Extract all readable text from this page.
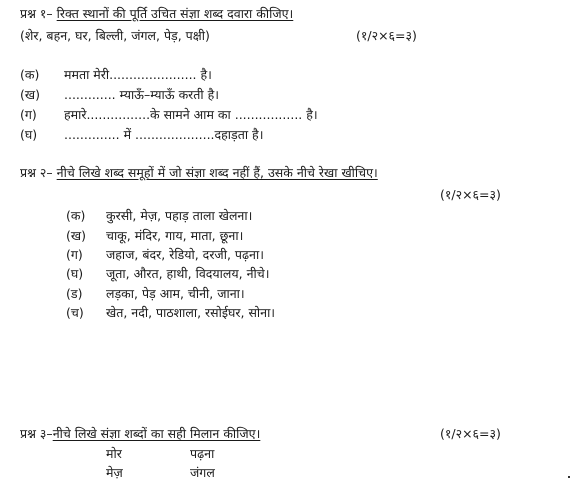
प्रश्न १– रिक्त स्थानों की पूर्ति उचित संज्ञा शब्द दवारा कीजिए।
(शेर, बहन, घर, बिल्ली, जंगल, पेड़, पक्षी)	(१/२×६=३)
(क) ममता मेरी...................... है।
(ख) ............. म्याऊँ–म्याऊँ करती है।
(ग) हमारे................के सामने आम का ................. है।
(घ) .............. में ....................दहाड़ता है।
प्रश्न २– नीचे लिखे शब्द समूहों में जो संज्ञा शब्द नहीं हैं, उसके नीचे रेखा खीचिए।
(१/२×६=३)
(क) कुरसी, मेज़, पहाड़ ताला खेलना।
(ख) चाकू, मंदिर, गाय, माता, छूना।
(ग) जहाज, बंदर, रेडियो, दरजी, पढ़ना।
(घ) जूता, औरत, हाथी, विदयालय, नीचे।
(ड) लड़का, पेड़ आम, चीनी, जाना।
(च) खेत, नदी, पाठशाला, रसोईघर, सोना।
प्रश्न ३–नीचे लिखे संज्ञा शब्दों का सही मिलान कीजिए।	(१/२×६=३)
मोर	पढ़ना
मेज़	जंगल
